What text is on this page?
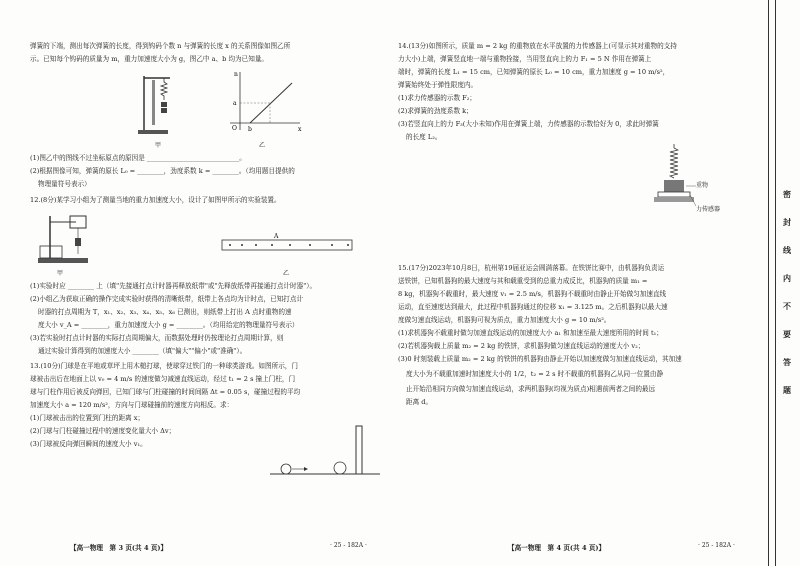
弹簧的下端，测出每次弹簧的长度，得到钩码个数 n 与弹簧的长度 x 的关系图像如图乙所

示。已知每个钩码的质量为 m，重力加速度大小为 g，图乙中 a、b 均为已知量。

n
x
O
a
b
甲	乙

(1)图乙中的图线不过坐标原点的原因是 ____________________________。

(2)根据图像可知，弹簧的原长 L₀ = ________，劲度系数 k = ________。（均用题目提供的

物理量符号表示）

12.(8分)某学习小组为了测量当地的重力加速度大小，设计了如图甲所示的实验装置。

A
甲	乙

(1)实验时应 ________ 上（填"先接通打点计时器再释放纸带"或"先释放纸带再接通打点计时器"）。

(2)小组乙为获取正确的操作完成实验时获得的清晰纸带，纸带上各点均为计时点，已知打点计

时器的打点周期为 T，x₁、x₂、x₃、x₄、x₅、x₆ 已测出，则纸带上打出 A 点时重物的速

度大小 v_A = ________，重力加速度大小 g = ________。（均用给定的物理量符号表示）

(3)若实验时打点计时器的实际打点周期偏大，而数据处理时仍按理论打点周期计算，则

通过实验计算得到的加速度大小 ________（填"偏大""偏小"或"准确"）。

13.(10分)门球是在平地或草坪上用木槌打球，使球穿过铁门的一种球类游戏。如图所示，门

球被击出后在地面上以 v₀ = 4 m/s 的速度做匀减速直线运动，经过 t₁ = 2 s 撞上门柱，门

球与门柱作用后被反向弹回，已知门球与门柱碰撞的时间间隔 Δt = 0.05 s，碰撞过程的平均

加速度大小 a = 120 m/s²，方向与门球碰撞前的速度方向相反。求：

(1)门球被击出的位置到门柱的距离 x；

(2)门球与门柱碰撞过程中的速度变化量大小 Δv；

(3)门球被反向弹回瞬间的速度大小 v₁。

【高一物理　第 3 页(共 4 页)】	· 25 - 182A ·

14.(13分)如图所示，质量 m = 2 kg 的重物放在水平放置的力传感器上(可显示其对重物的支持

力大小)上端，弹簧竖直地一端与重物拴接，当用竖直向上的力 F₁ = 5 N 作用在弹簧上

端时，弹簧的长度 L₁ = 15 cm，已知弹簧的原长 L₀ = 10 cm，重力加速度 g = 10 m/s²，

弹簧始终处于弹性限度内。

(1)求力传感器的示数 F₂；

(2)求弹簧的劲度系数 k；

(3)若竖直向上的力 F₃(大小未知)作用在弹簧上端，力传感器的示数恰好为 0，求此时弹簧

的长度 L₂。

重物
力传感器

15.(17分)2023年10月8日，杭州第19届亚运会圆满落幕。在铁饼比赛中，由机器狗负责运

送铁饼，已知机器狗的最大速度与其和载重受到的总重力成反比，机器狗的质量 m₁ =

8 kg，机器狗不载重时，最大速度 v₁ = 2.5 m/s，机器狗不载重时由静止开始做匀加速直线

运动，直至速度达到最大，此过程中机器狗通过的位移 x₁ = 3.125 m。之后机器狗以最大速

度做匀速直线运动，机器狗可视为质点，重力加速度大小 g = 10 m/s²。

(1)求机器狗不载重时做匀加速直线运动的加速度大小 a₁ 和加速至最大速度所用的时间 t₁；

(2)若机器狗载上质量 m₂ = 2 kg 的铁饼，求机器狗做匀速直线运动的速度大小 v₂；

(3)0 时刻装载上质量 m₂ = 2 kg 的铁饼的机器狗由静止开始以加速度做匀加速直线运动，其加速

度大小为不载重加速时加速度大小的 1/2，t₂ = 2 s 时不载重的机器狗乙从同一位置由静

止开始沿相同方向做匀加速直线运动，求两机器狗(均视为质点)相遇前两者之间的最远

距离 d。

【高一物理　第 4 页(共 4 页)】	· 25 - 182A ·
密
封
线
内
不
要
答
题
